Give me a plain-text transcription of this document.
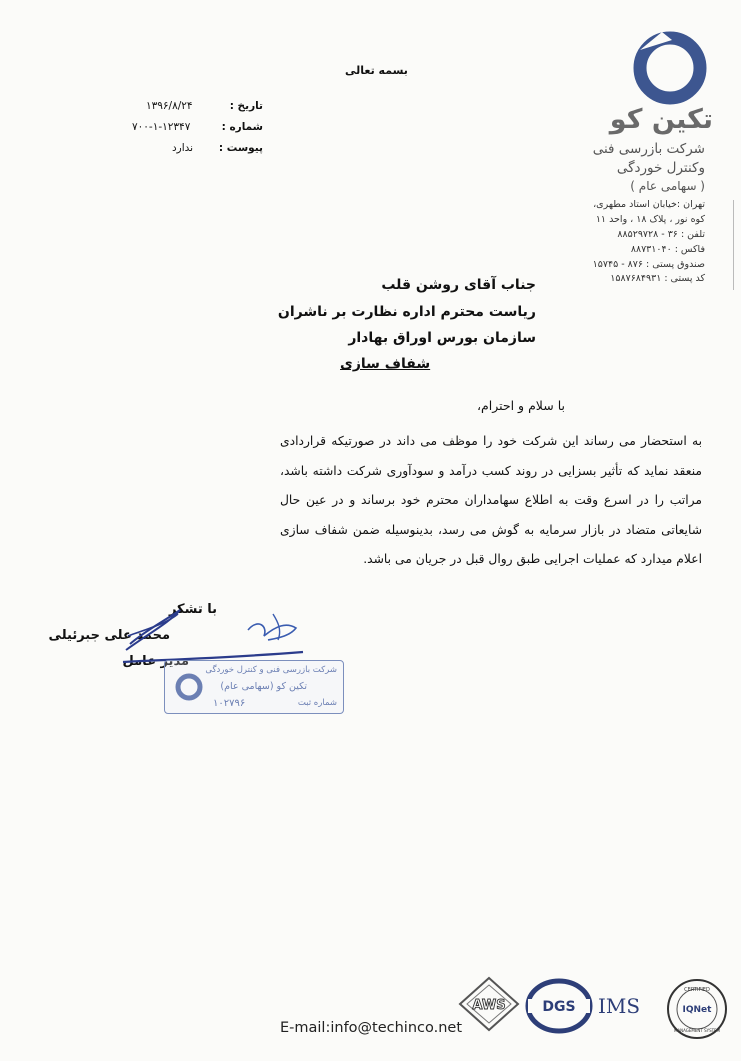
تکین کو
شرکت بازرسی فنی
وکنترل خوردگی
( سهامی عام )
تهران :خیابان استاد مطهری،
کوه نور ، پلاک ۱۸ ، واحد ۱۱
تلفن : ۳۶ - ۸۸۵۲۹۷۲۸
فاکس : ۸۸۷۳۱۰۴۰
صندوق پستی : ۸۷۶ - ۱۵۷۴۵
کد پستی : ۱۵۸۷۶۸۴۹۳۱
بسمه تعالی
تاریخ :
۱۳۹۶/۸/۲۴
شماره :
۷۰۰-۱-۱۲۳۴۷
پیوست :
ندارد
جناب آقای روشن قلب
ریاست محترم اداره نظارت بر ناشران
سازمان بورس اوراق بهادار
شفاف سازی
با سلام و احترام،
به استحضار می رساند این شرکت خود را موظف می داند در صورتیکه قراردادی منعقد نماید که تأثیر بسزایی در روند کسب درآمد و سودآوری شرکت داشته باشد، مراتب را در اسرع وقت به اطلاع سهامداران محترم خود برساند و در عین حال شایعاتی متضاد در بازار سرمایه به گوش می رسد، بدینوسیله ضمن شفاف سازی اعلام میدارد که عملیات اجرایی طبق روال قبل در جریان می باشد.
با تشکر
محمد علی جبرئیلی
مدیر عامل
شرکت بازرسی فنی و کنترل خوردگی
تکین کو (سهامی عام)
شماره ثبت
۱۰۲۷۹۶
AWS	DGS IMS
CERTIFIED
IQNet
MANAGEMENT SYSTEM
E-mail:info@techinco.net
